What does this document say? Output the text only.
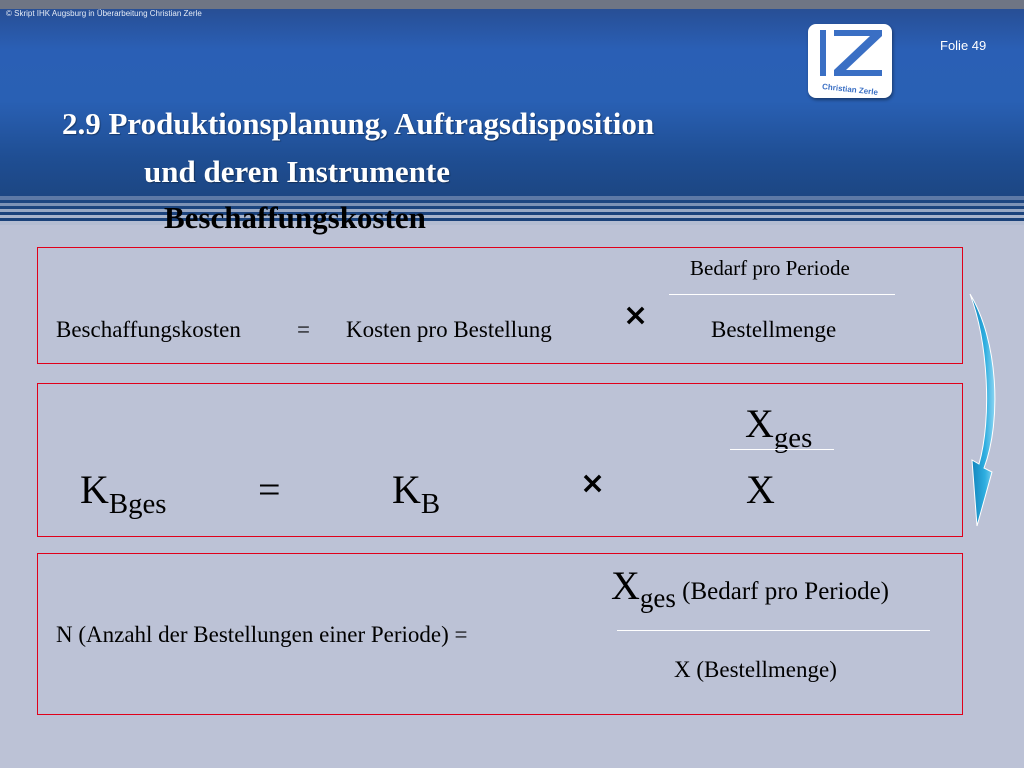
© Skript IHK Augsburg in Überarbeitung Christian Zerle
Folie 49
Christian Zerle
2.9 Produktionsplanung, Auftragsdisposition
und deren Instrumente
Beschaffungskosten
Bedarf pro Periode
Beschaffungskosten = Kosten pro Bestellung ×	Bestellmenge
$X_{ges}$
$K_{Bges}$ =	$K_B$
×	X
$X_{ges}$ (Bedarf pro Periode)
N (Anzahl der Bestellungen einer Periode) =
X (Bestellmenge)
